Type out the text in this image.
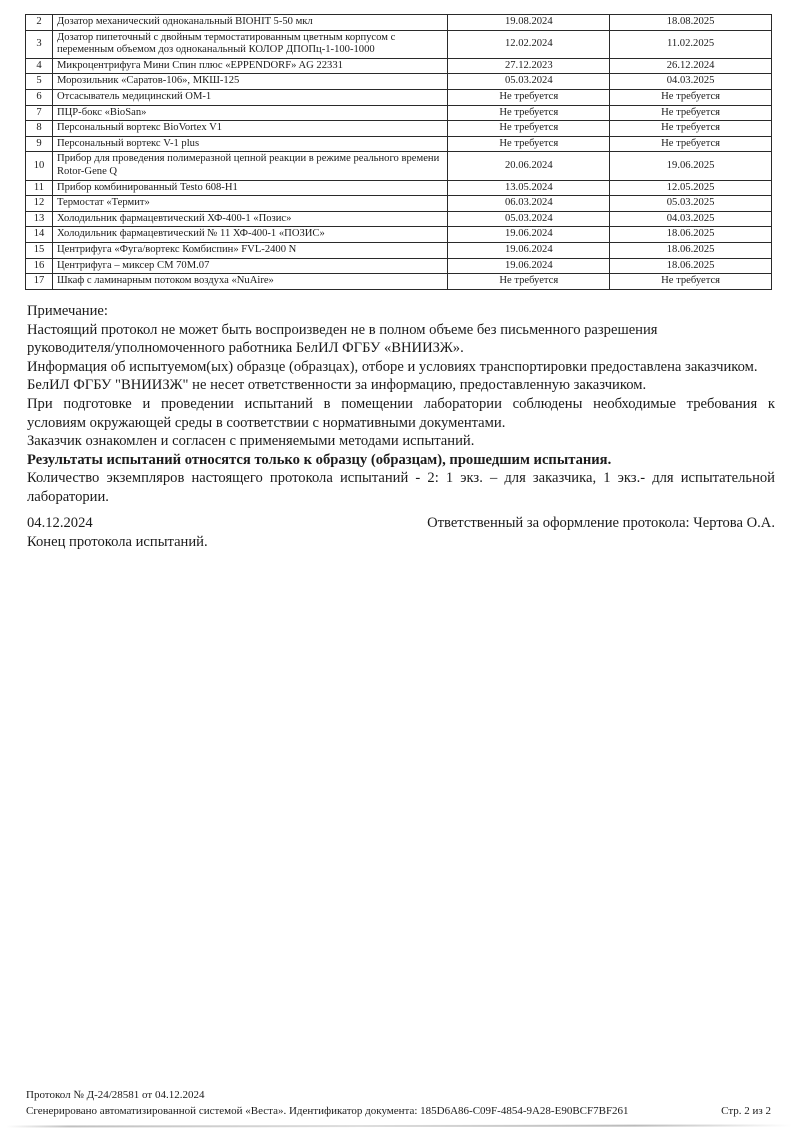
2	Дозатор механический одноканальный BIOHIT 5-50 мкл	19.08.2024	18.08.2025
3	Дозатор пипеточный с двойным термостатированным цветным корпусом с переменным объемом доз одноканальный КОЛОР ДПОПц-1-100-1000	12.02.2024	11.02.2025
4	Микроцентрифуга Мини Спин плюс «EPPENDORF» AG 22331	27.12.2023	26.12.2024
5	Морозильник «Саратов-106», МКШ-125	05.03.2024	04.03.2025
6	Отсасыватель медицинский ОМ-1	Не требуется	Не требуется
7	ПЦР-бокс «BioSan»	Не требуется	Не требуется
8	Персональный вортекс BioVortex V1	Не требуется	Не требуется
9	Персональный вортекс V-1 plus	Не требуется	Не требуется
10	Прибор для проведения полимеразной цепной реакции в режиме реального времени Rotor-Gene Q	20.06.2024	19.06.2025
11	Прибор комбинированный Testo 608-H1	13.05.2024	12.05.2025
12	Термостат «Термит»	06.03.2024	05.03.2025
13	Холодильник фармацевтический ХФ-400-1 «Позис»	05.03.2024	04.03.2025
14	Холодильник фармацевтический № 11 ХФ-400-1 «ПОЗИС»	19.06.2024	18.06.2025
15	Центрифуга «Фуга/вортекс Комбиспин» FVL-2400 N	19.06.2024	18.06.2025
16	Центрифуга – миксер СМ 70М.07	19.06.2024	18.06.2025
17	Шкаф с ламинарным потоком воздуха «NuAire»	Не требуется	Не требуется
Примечание:
Настоящий протокол не может быть воспроизведен не в полном объеме без письменного разрешения
руководителя/уполномоченного работника БелИЛ ФГБУ «ВНИИЗЖ».
Информация об испытуемом(ых) образце (образцах), отборе и условиях транспортировки предоставлена заказчиком.
БелИЛ ФГБУ "ВНИИЗЖ" не несет ответственности за информацию, предоставленную заказчиком.
При подготовке и проведении испытаний в помещении лаборатории соблюдены необходимые требования к
условиям окружающей среды в соответствии с нормативными документами.
Заказчик ознакомлен и согласен с применяемыми методами испытаний.
Результаты испытаний относятся только к образцу (образцам), прошедшим испытания.
Количество экземпляров настоящего протокола испытаний - 2: 1 экз. – для заказчика, 1 экз.- для испытательной
лаборатории.
04.12.2024	Ответственный за оформление протокола: Чертова О.А.
Конец протокола испытаний.
Протокол № Д-24/28581 от 04.12.2024
Сгенерировано автоматизированной системой «Веста». Идентификатор документа: 185D6A86-C09F-4854-9A28-E90BCF7BF261	Стр. 2 из 2
